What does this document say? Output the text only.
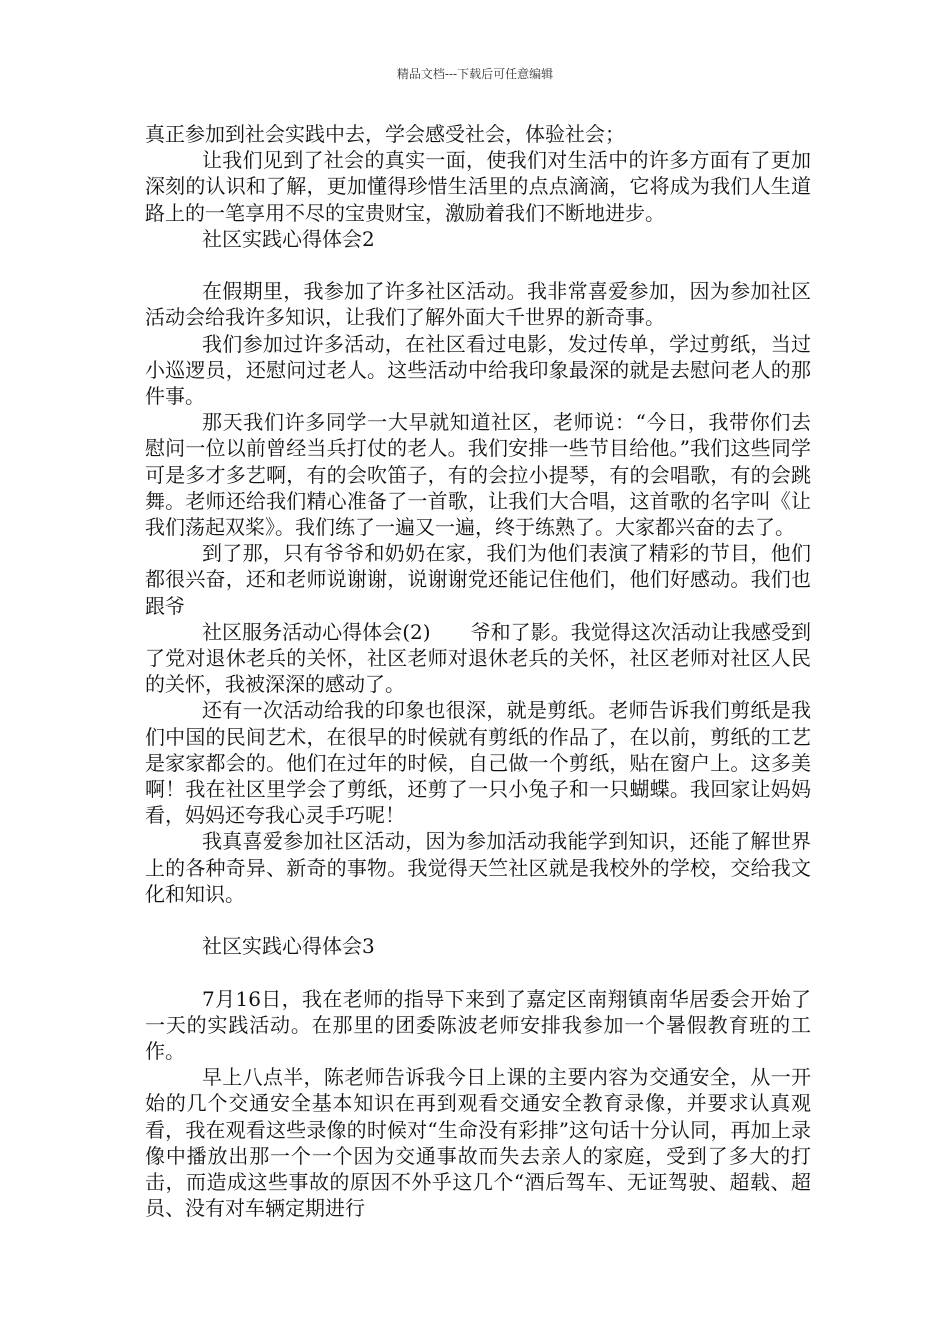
精品文档---下载后可任意编辑

真正参加到社会实践中去，学会感受社会，体验社会；

让我们见到了社会的真实一面，使我们对生活中的许多方面有了更加深刻的认识和了解，更加懂得珍惜生活里的点点滴滴，它将成为我们人生道路上的一笔享用不尽的宝贵财宝，激励着我们不断地进步。

社区实践心得体会2

在假期里，我参加了许多社区活动。我非常喜爱参加，因为参加社区活动会给我许多知识，让我们了解外面大千世界的新奇事。

我们参加过许多活动，在社区看过电影，发过传单，学过剪纸，当过小巡逻员，还慰问过老人。这些活动中给我印象最深的就是去慰问老人的那件事。

那天我们许多同学一大早就知道社区，老师说：“今日，我带你们去慰问一位以前曾经当兵打仗的老人。我们安排一些节目给他。”我们这些同学可是多才多艺啊，有的会吹笛子，有的会拉小提琴，有的会唱歌，有的会跳舞。老师还给我们精心准备了一首歌，让我们大合唱，这首歌的名字叫《让我们荡起双桨》。我们练了一遍又一遍，终于练熟了。大家都兴奋的去了。

到了那，只有爷爷和奶奶在家，我们为他们表演了精彩的节目，他们都很兴奋，还和老师说谢谢，说谢谢党还能记住他们，他们好感动。我们也跟爷

社区服务活动心得体会(2)　　爷和了影。我觉得这次活动让我感受到了党对退休老兵的关怀，社区老师对退休老兵的关怀，社区老师对社区人民的关怀，我被深深的感动了。

还有一次活动给我的印象也很深，就是剪纸。老师告诉我们剪纸是我们中国的民间艺术，在很早的时候就有剪纸的作品了，在以前，剪纸的工艺是家家都会的。他们在过年的时候，自己做一个剪纸，贴在窗户上。这多美啊！我在社区里学会了剪纸，还剪了一只小兔子和一只蝴蝶。我回家让妈妈看，妈妈还夸我心灵手巧呢！

我真喜爱参加社区活动，因为参加活动我能学到知识，还能了解世界上的各种奇异、新奇的事物。我觉得天竺社区就是我校外的学校，交给我文化和知识。

社区实践心得体会3

7月16日，我在老师的指导下来到了嘉定区南翔镇南华居委会开始了一天的实践活动。在那里的团委陈波老师安排我参加一个暑假教育班的工作。

早上八点半，陈老师告诉我今日上课的主要内容为交通安全，从一开始的几个交通安全基本知识在再到观看交通安全教育录像，并要求认真观看，我在观看这些录像的时候对“生命没有彩排”这句话十分认同，再加上录像中播放出那一个一个因为交通事故而失去亲人的家庭，受到了多大的打击，而造成这些事故的原因不外乎这几个“酒后驾车、无证驾驶、超载、超员、没有对车辆定期进行
